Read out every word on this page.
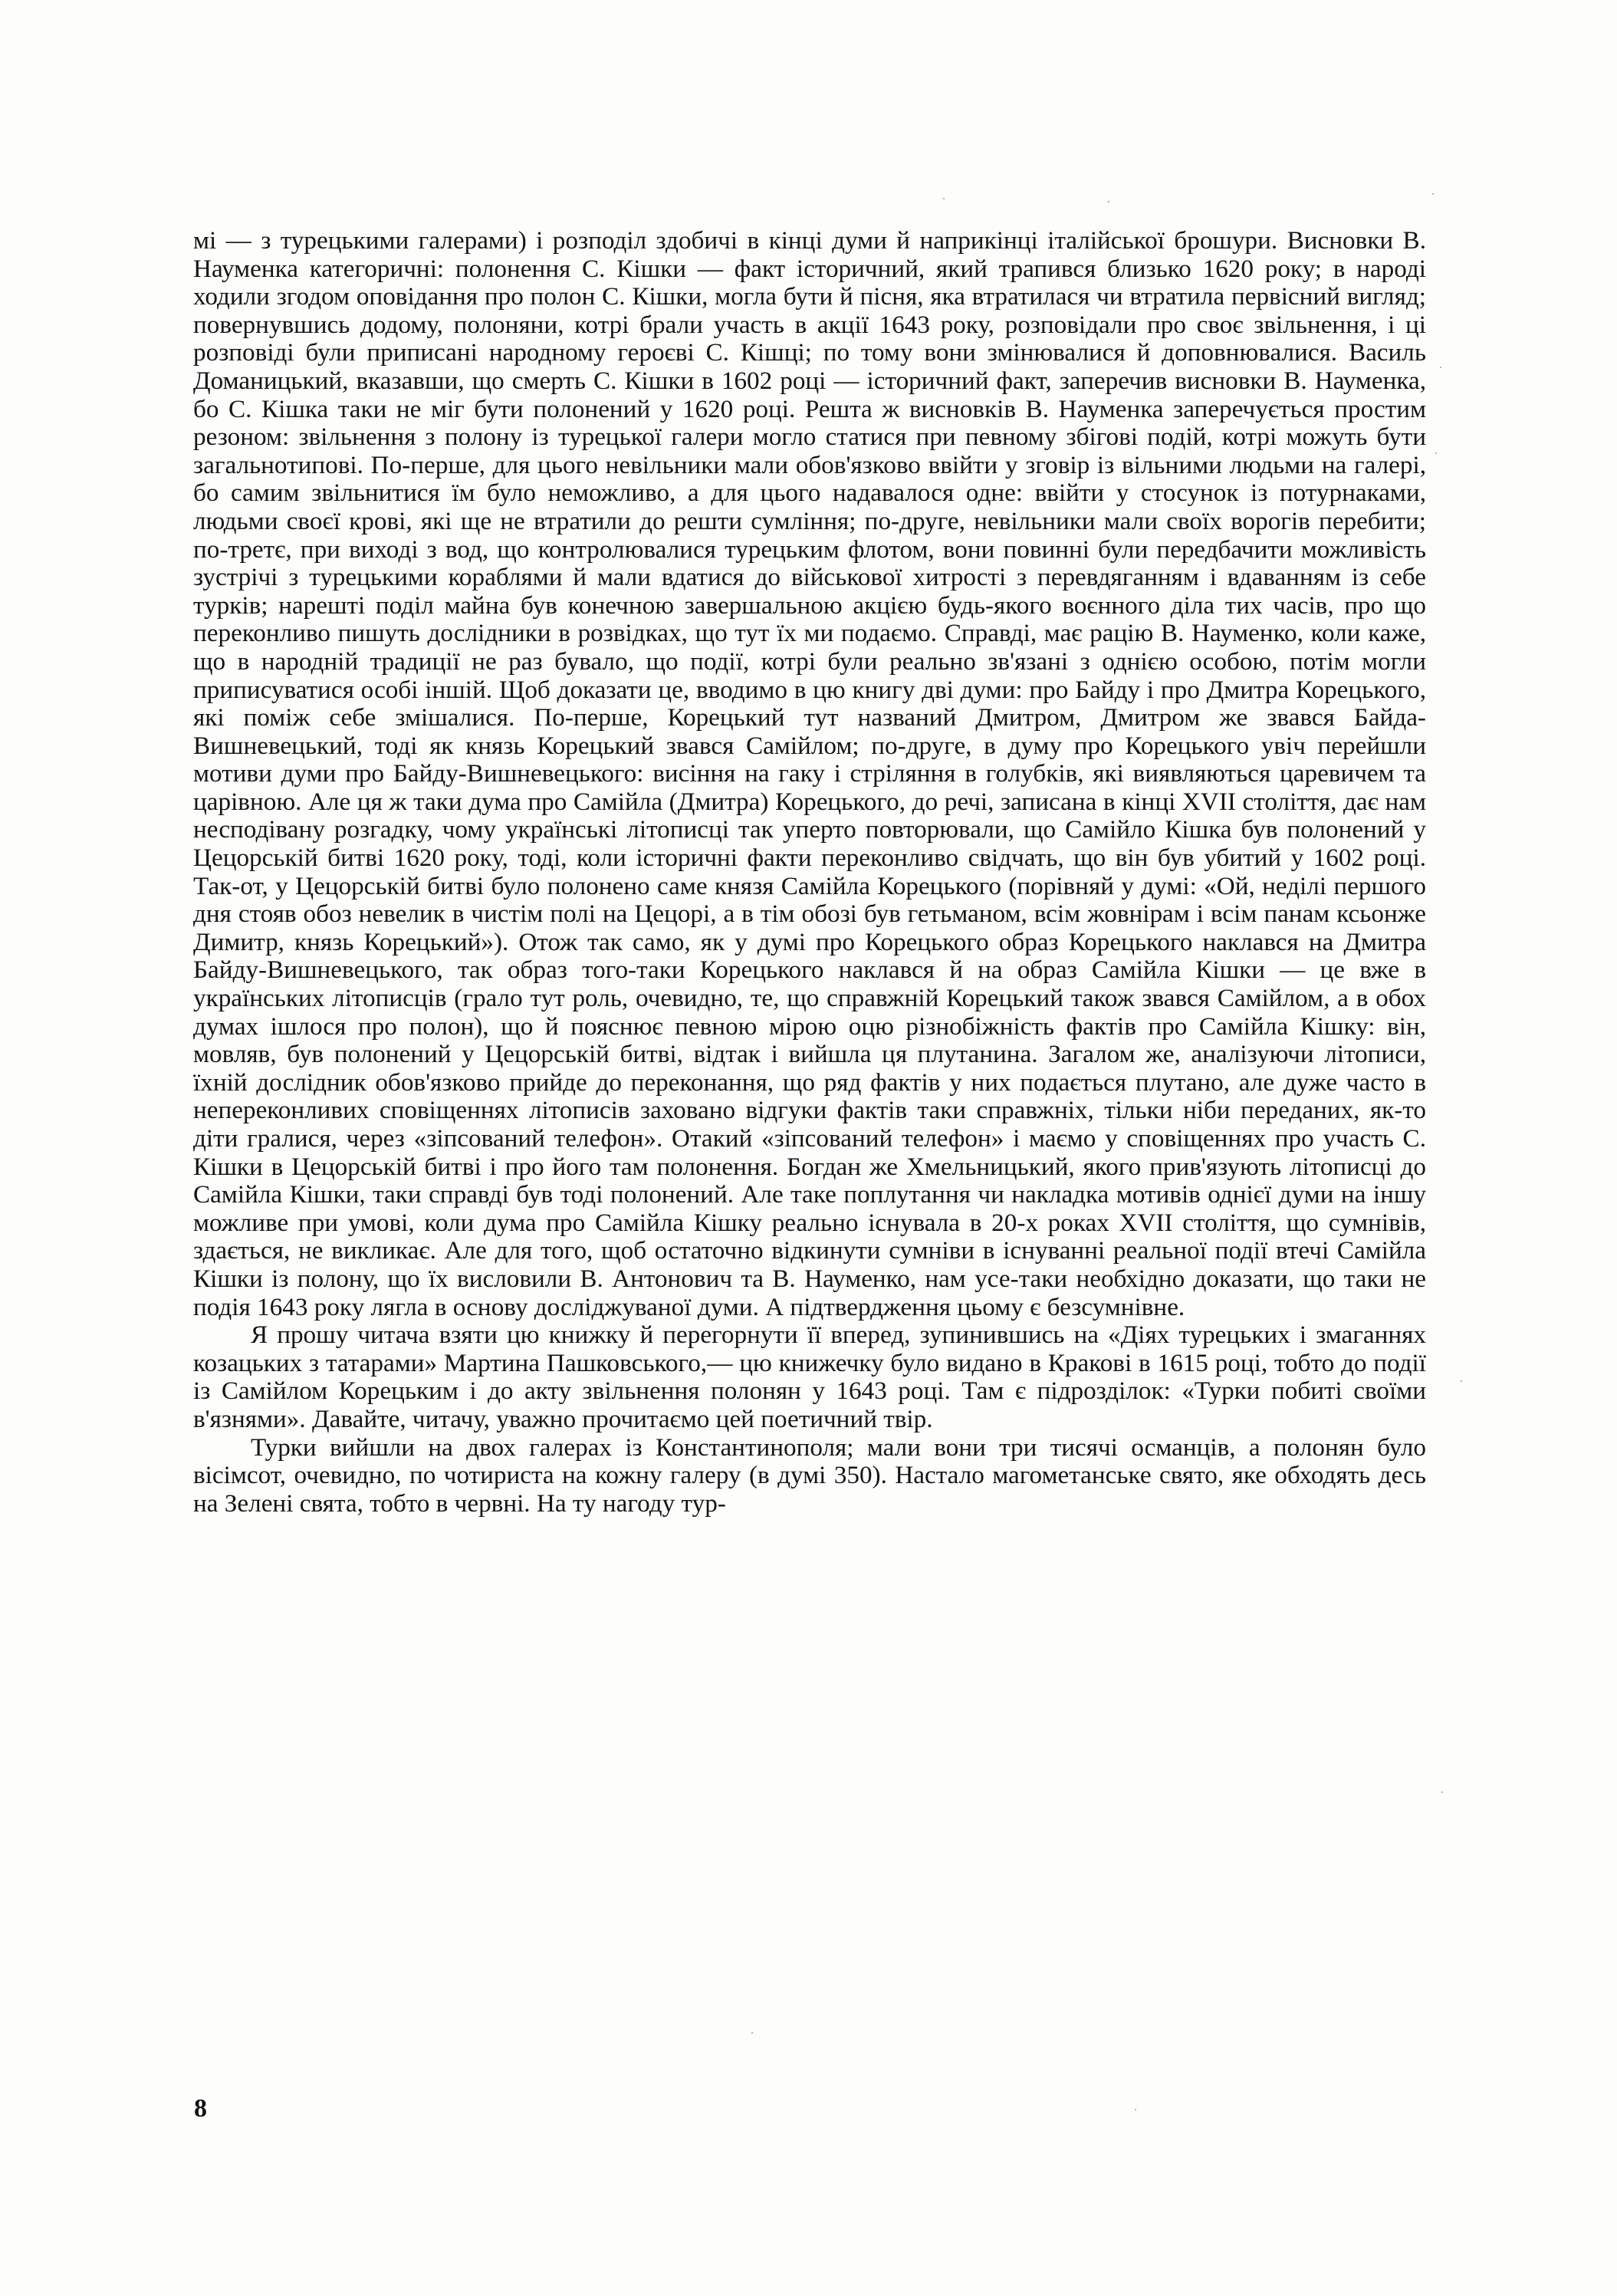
мі — з турецькими галерами) і розподіл здобичі в кінці думи й наприкінці італійської брошури. Висновки В. Науменка категоричні: полонення С. Кішки — факт історичний, який трапився близько 1620 року; в народі ходили згодом оповідання про полон С. Кішки, могла бути й пісня, яка втратилася чи втратила первісний вигляд; повернувшись додому, полоняни, котрі брали участь в акції 1643 року, розповідали про своє звільнення, і ці розповіді були приписані народному героєві С. Кішці; по тому вони змінювалися й доповнювалися. Василь Доманицький, вказавши, що смерть С. Кішки в 1602 році — історичний факт, заперечив висновки В. Науменка, бо С. Кішка таки не міг бути полонений у 1620 році. Решта ж висновків В. Науменка заперечується простим резоном: звільнення з полону із турецької галери могло статися при певному збігові подій, котрі можуть бути загальнотипові. По-перше, для цього невільники мали обов'язково ввійти у зговір із вільними людьми на галері, бо самим звільнитися їм було неможливо, а для цього надавалося одне: ввійти у стосунок із потурнаками, людьми своєї крові, які ще не втратили до решти сумління; по-друге, невільники мали своїх ворогів перебити; по-третє, при виході з вод, що контролювалися турецьким флотом, вони повинні були передбачити можливість зустрічі з турецькими кораблями й мали вдатися до військової хитрості з перевдяганням і вдаванням із себе турків; нарешті поділ майна був конечною завершальною акцією будь-якого воєнного діла тих часів, про що переконливо пишуть дослідники в розвідках, що тут їх ми подаємо. Справді, має рацію В. Науменко, коли каже, що в народній традиції не раз бувало, що події, котрі були реально зв'язані з однією особою, потім могли приписуватися особі іншій. Щоб доказати це, вводимо в цю книгу дві думи: про Байду і про Дмитра Корецького, які поміж себе змішалися. По-перше, Корецький тут названий Дмитром, Дмитром же звався Байда-Вишневецький, тоді як князь Корецький звався Самійлом; по-друге, в думу про Корецького увіч перейшли мотиви думи про Байду-Вишневецького: висіння на гаку і стріляння в голубків, які виявляються царевичем та царівною. Але ця ж таки дума про Самійла (Дмитра) Корецького, до речі, записана в кінці XVII століття, дає нам несподівану розгадку, чому українські літописці так уперто повторювали, що Самійло Кішка був полонений у Цецорській битві 1620 року, тоді, коли історичні факти переконливо свідчать, що він був убитий у 1602 році. Так-от, у Цецорській битві було полонено саме князя Самійла Корецького (порівняй у думі: «Ой, неділі першого дня стояв обоз невелик в чистім полі на Цецорі, а в тім обозі був гетьманом, всім жовнірам і всім панам ксьонже Димитр, князь Корецький»). Отож так само, як у думі про Корецького образ Корецького наклався на Дмитра Байду-Вишневецького, так образ того-таки Корецького наклався й на образ Самійла Кішки — це вже в українських літописців (грало тут роль, очевидно, те, що справжній Корецький також звався Самійлом, а в обох думах ішлося про полон), що й пояснює певною мірою оцю різнобіжність фактів про Самійла Кішку: він, мовляв, був полонений у Цецорській битві, відтак і вийшла ця плутанина. Загалом же, аналізуючи літописи, їхній дослідник обов'язково прийде до переконання, що ряд фактів у них подається плутано, але дуже часто в непереконливих сповіщеннях літописів заховано відгуки фактів таки справжніх, тільки ніби переданих, як-то діти гралися, через «зіпсований телефон». Отакий «зіпсований телефон» і маємо у сповіщеннях про участь С. Кішки в Цецорській битві і про його там полонення. Богдан же Хмельницький, якого прив'язують літописці до Самійла Кішки, таки справді був тоді полонений. Але таке поплутання чи накладка мотивів однієї думи на іншу можливе при умові, коли дума про Самійла Кішку реально існувала в 20-х роках XVII століття, що сумнівів, здається, не викликає. Але для того, щоб остаточно відкинути сумніви в існуванні реальної події втечі Самійла Кішки із полону, що їх висловили В. Антонович та В. Науменко, нам усе-таки необхідно доказати, що таки не подія 1643 року лягла в основу досліджуваної думи. А підтвердження цьому є безсумнівне.

Я прошу читача взяти цю книжку й перегорнути її вперед, зупинившись на «Діях турецьких і змаганнях козацьких з татарами» Мартина Пашковського,— цю книжечку було видано в Кракові в 1615 році, тобто до події із Самійлом Корецьким і до акту звільнення полонян у 1643 році. Там є підрозділок: «Турки побиті своїми в'язнями». Давайте, читачу, уважно прочитаємо цей поетичний твір.

Турки вийшли на двох галерах із Константинополя; мали вони три тисячі османців, а полонян було вісімсот, очевидно, по чотириста на кожну галеру (в думі 350). Настало магометанське свято, яке обходять десь на Зелені свята, тобто в червні. На ту нагоду тур-

8
